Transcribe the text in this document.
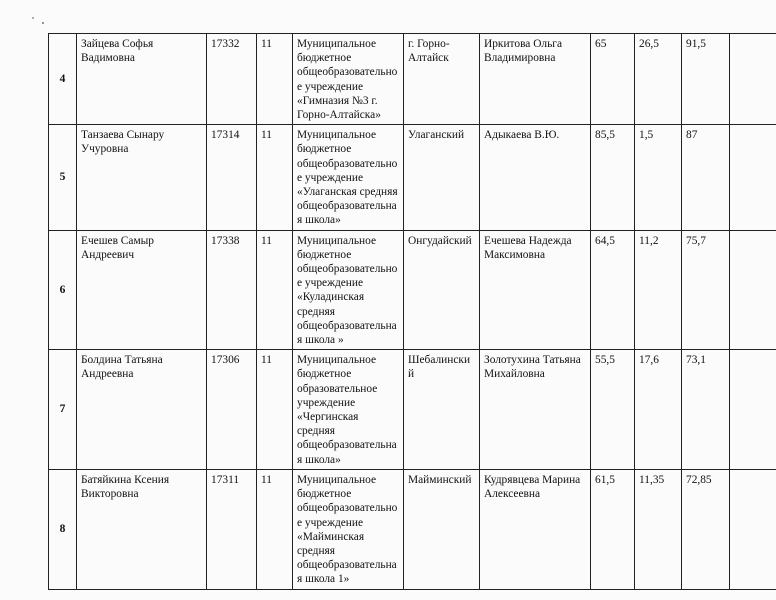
4	Зайцева Софья Вадимовна	17332	11	Муниципальное бюджетное общеобразовательное учреждение «Гимназия №3 г. Горно-Алтайска»	г. Горно-Алтайск	Иркитова Ольга Владимировна	65	26,5	91,5	
5	Танзаева Сынару Учуровна	17314	11	Муниципальное бюджетное общеобразовательное учреждение «Улаганская средняя общеобразовательная школа»	Улаганский	Адыкаева В.Ю.	85,5	1,5	87	
6	Ечешев Самыр Андреевич	17338	11	Муниципальное бюджетное общеобразовательное учреждение «Куладинская средняя общеобразовательная школа »	Онгудайский	Ечешева Надежда Максимовна	64,5	11,2	75,7	
7	Болдина Татьяна Андреевна	17306	11	Муниципальное бюджетное образовательное учреждение «Чергинская средняя общеобразовательная школа»	Шебалинский	Золотухина Татьяна Михайловна	55,5	17,6	73,1	
8	Батяйкина Ксения Викторовна	17311	11	Муниципальное бюджетное общеобразовательное учреждение «Майминская средняя общеобразовательная школа 1»	Майминский	Кудрявцева Марина Алексеевна	61,5	11,35	72,85	
